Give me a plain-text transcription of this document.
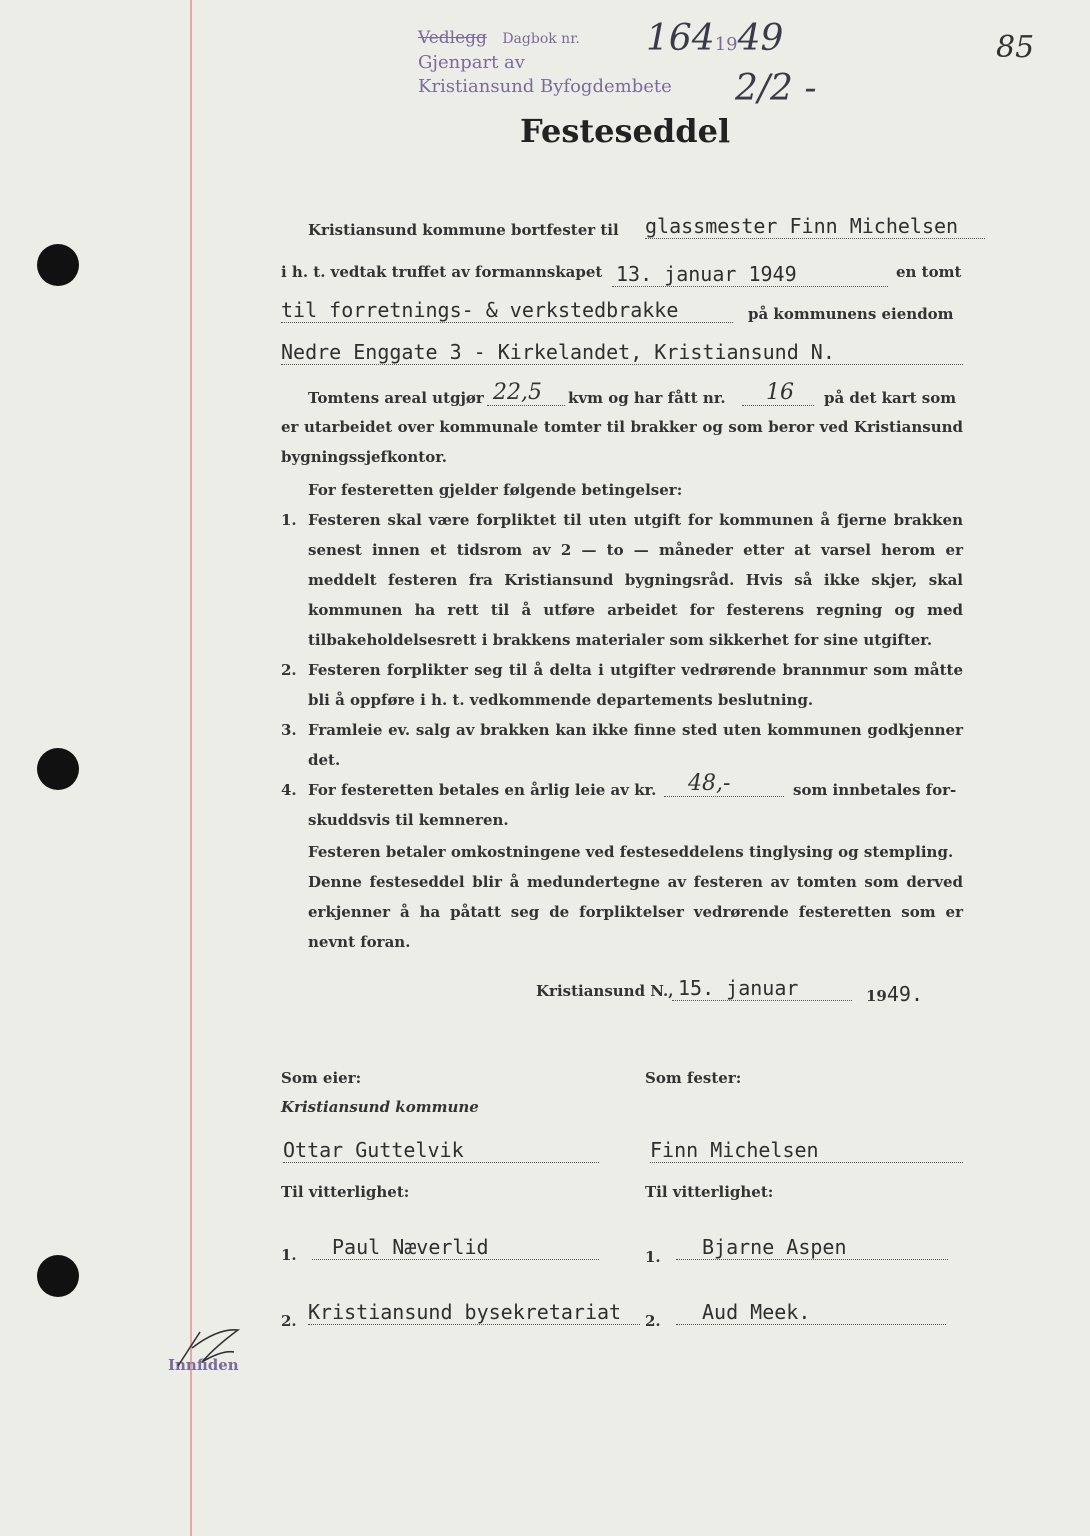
Vedlegg Dagbok nr. 1641949
Gjenpart av
Kristiansund Byfogdembete 2/2 -
85
Festeseddel
Kristiansund kommune bortfester til glassmester Finn Michelsen
i h. t. vedtak truffet av formannskapet 13. januar 1949	en tomt
til forretnings- & verkstedbrakke	på kommunens eiendom
Nedre Enggate 3 - Kirkelandet, Kristiansund N.
Tomtens areal utgjør 22,5	kvm og har fått nr.	16	på det kart som
er utarbeidet over kommunale tomter til brakker og som beror ved Kristiansund bygningssjefkontor.
For festeretten gjelder følgende betingelser:
1. Festeren skal være forpliktet til uten utgift for kommunen å fjerne brakken senest innen et tidsrom av 2 — to — måneder etter at varsel herom er meddelt festeren fra Kristiansund bygningsråd. Hvis så ikke skjer, skal kommunen ha rett til å utføre arbeidet for festerens regning og med tilbakeholdelsesrett i brakkens materialer som sikkerhet for sine utgifter.
2. Festeren forplikter seg til å delta i utgifter vedrørende brannmur som måtte bli å oppføre i h. t. vedkommende departements beslutning.
3. Framleie ev. salg av brakken kan ikke finne sted uten kommunen godkjenner det.
4. For festeretten betales en årlig leie av kr.	48,-	som innbetales for-
skuddsvis til kemneren.
Festeren betaler omkostningene ved festeseddelens tinglysing og stempling.
Denne festeseddel blir å medundertegne av festeren av tomten som derved erkjenner å ha påtatt seg de forpliktelser vedrørende festeretten som er nevnt foran.
Kristiansund N., 15. januar	1949.
Som eier:
Kristiansund kommune
Ottar Guttelvik
Til vitterlighet:
1.	Paul Næverlid
2. Kristiansund bysekretariat
Som fester:
Finn Michelsen
Til vitterlighet:
1.	Bjarne Aspen
2.	Aud Meek.
Innfiden
